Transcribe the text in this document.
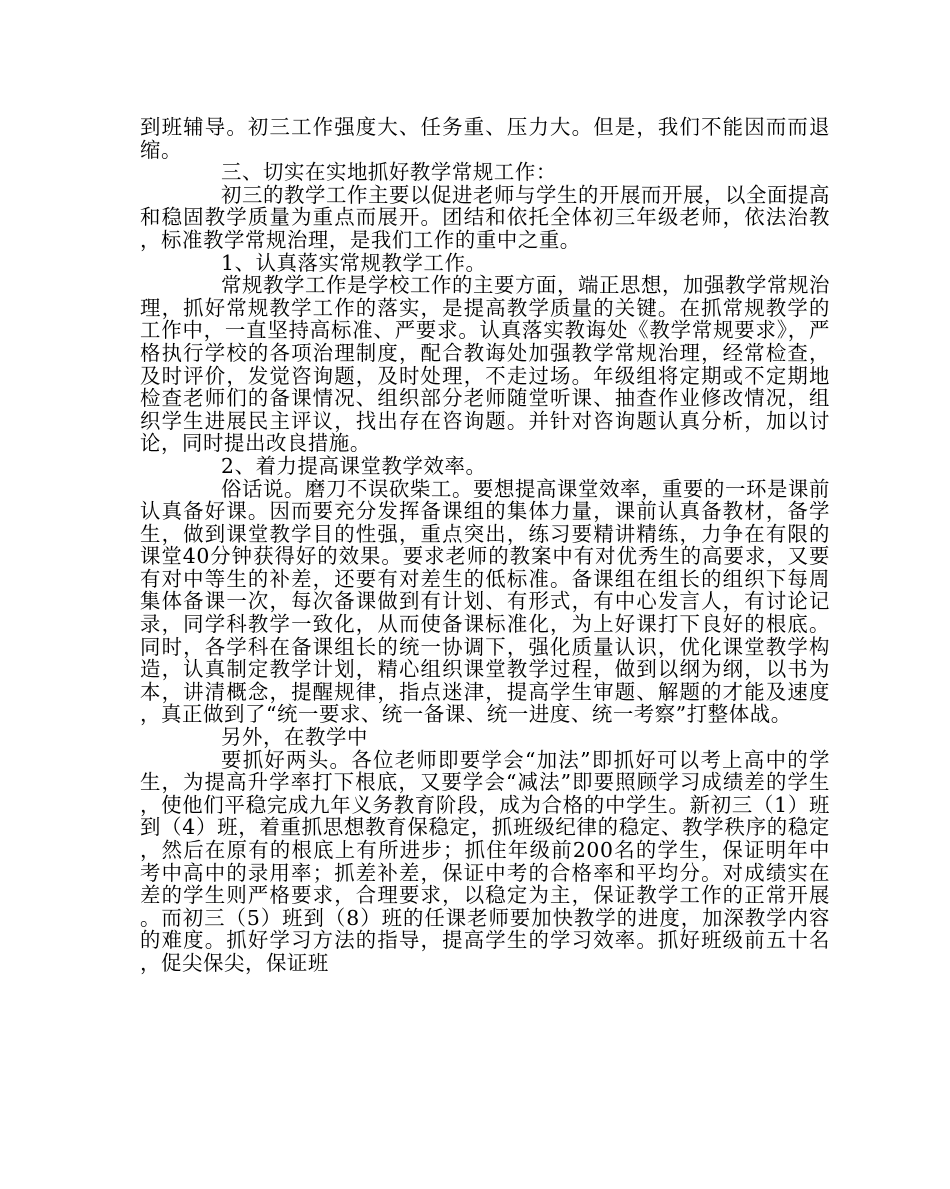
到班辅导。初三工作强度大、任务重、压力大。但是，我们不能因而而退缩。

三、切实在实地抓好教学常规工作：

初三的教学工作主要以促进老师与学生的开展而开展，以全面提高和稳固教学质量为重点而展开。团结和依托全体初三年级老师，依法治教，标准教学常规治理，是我们工作的重中之重。

1、认真落实常规教学工作。

常规教学工作是学校工作的主要方面，端正思想，加强教学常规治理，抓好常规教学工作的落实，是提高教学质量的关键。在抓常规教学的工作中，一直坚持高标准、严要求。认真落实教诲处《教学常规要求》，严格执行学校的各项治理制度，配合教诲处加强教学常规治理，经常检查，及时评价，发觉咨询题，及时处理，不走过场。年级组将定期或不定期地检查老师们的备课情况、组织部分老师随堂听课、抽查作业修改情况，组织学生进展民主评议，找出存在咨询题。并针对咨询题认真分析，加以讨论，同时提出改良措施。

2、着力提高课堂教学效率。

俗话说。磨刀不误砍柴工。要想提高课堂效率，重要的一环是课前认真备好课。因而要充分发挥备课组的集体力量，课前认真备教材，备学生，做到课堂教学目的性强，重点突出，练习要精讲精练，力争在有限的课堂40分钟获得好的效果。要求老师的教案中有对优秀生的高要求，又要有对中等生的补差，还要有对差生的低标准。备课组在组长的组织下每周集体备课一次，每次备课做到有计划、有形式，有中心发言人，有讨论记录，同学科教学一致化，从而使备课标准化，为上好课打下良好的根底。同时，各学科在备课组长的统一协调下，强化质量认识，优化课堂教学构造，认真制定教学计划，精心组织课堂教学过程，做到以纲为纲，以书为本，讲清概念，提醒规律，指点迷津，提高学生审题、解题的才能及速度，真正做到了“统一要求、统一备课、统一进度、统一考察”打整体战。

另外，在教学中

要抓好两头。各位老师即要学会“加法”即抓好可以考上高中的学生，为提高升学率打下根底，又要学会“减法”即要照顾学习成绩差的学生，使他们平稳完成九年义务教育阶段，成为合格的中学生。新初三（1）班到（4）班，着重抓思想教育保稳定，抓班级纪律的稳定、教学秩序的稳定，然后在原有的根底上有所进步；抓住年级前200名的学生，保证明年中考中高中的录用率；抓差补差，保证中考的合格率和平均分。对成绩实在差的学生则严格要求，合理要求，以稳定为主，保证教学工作的正常开展。而初三（5）班到（8）班的任课老师要加快教学的进度，加深教学内容的难度。抓好学习方法的指导，提高学生的学习效率。抓好班级前五十名，促尖保尖，保证班
